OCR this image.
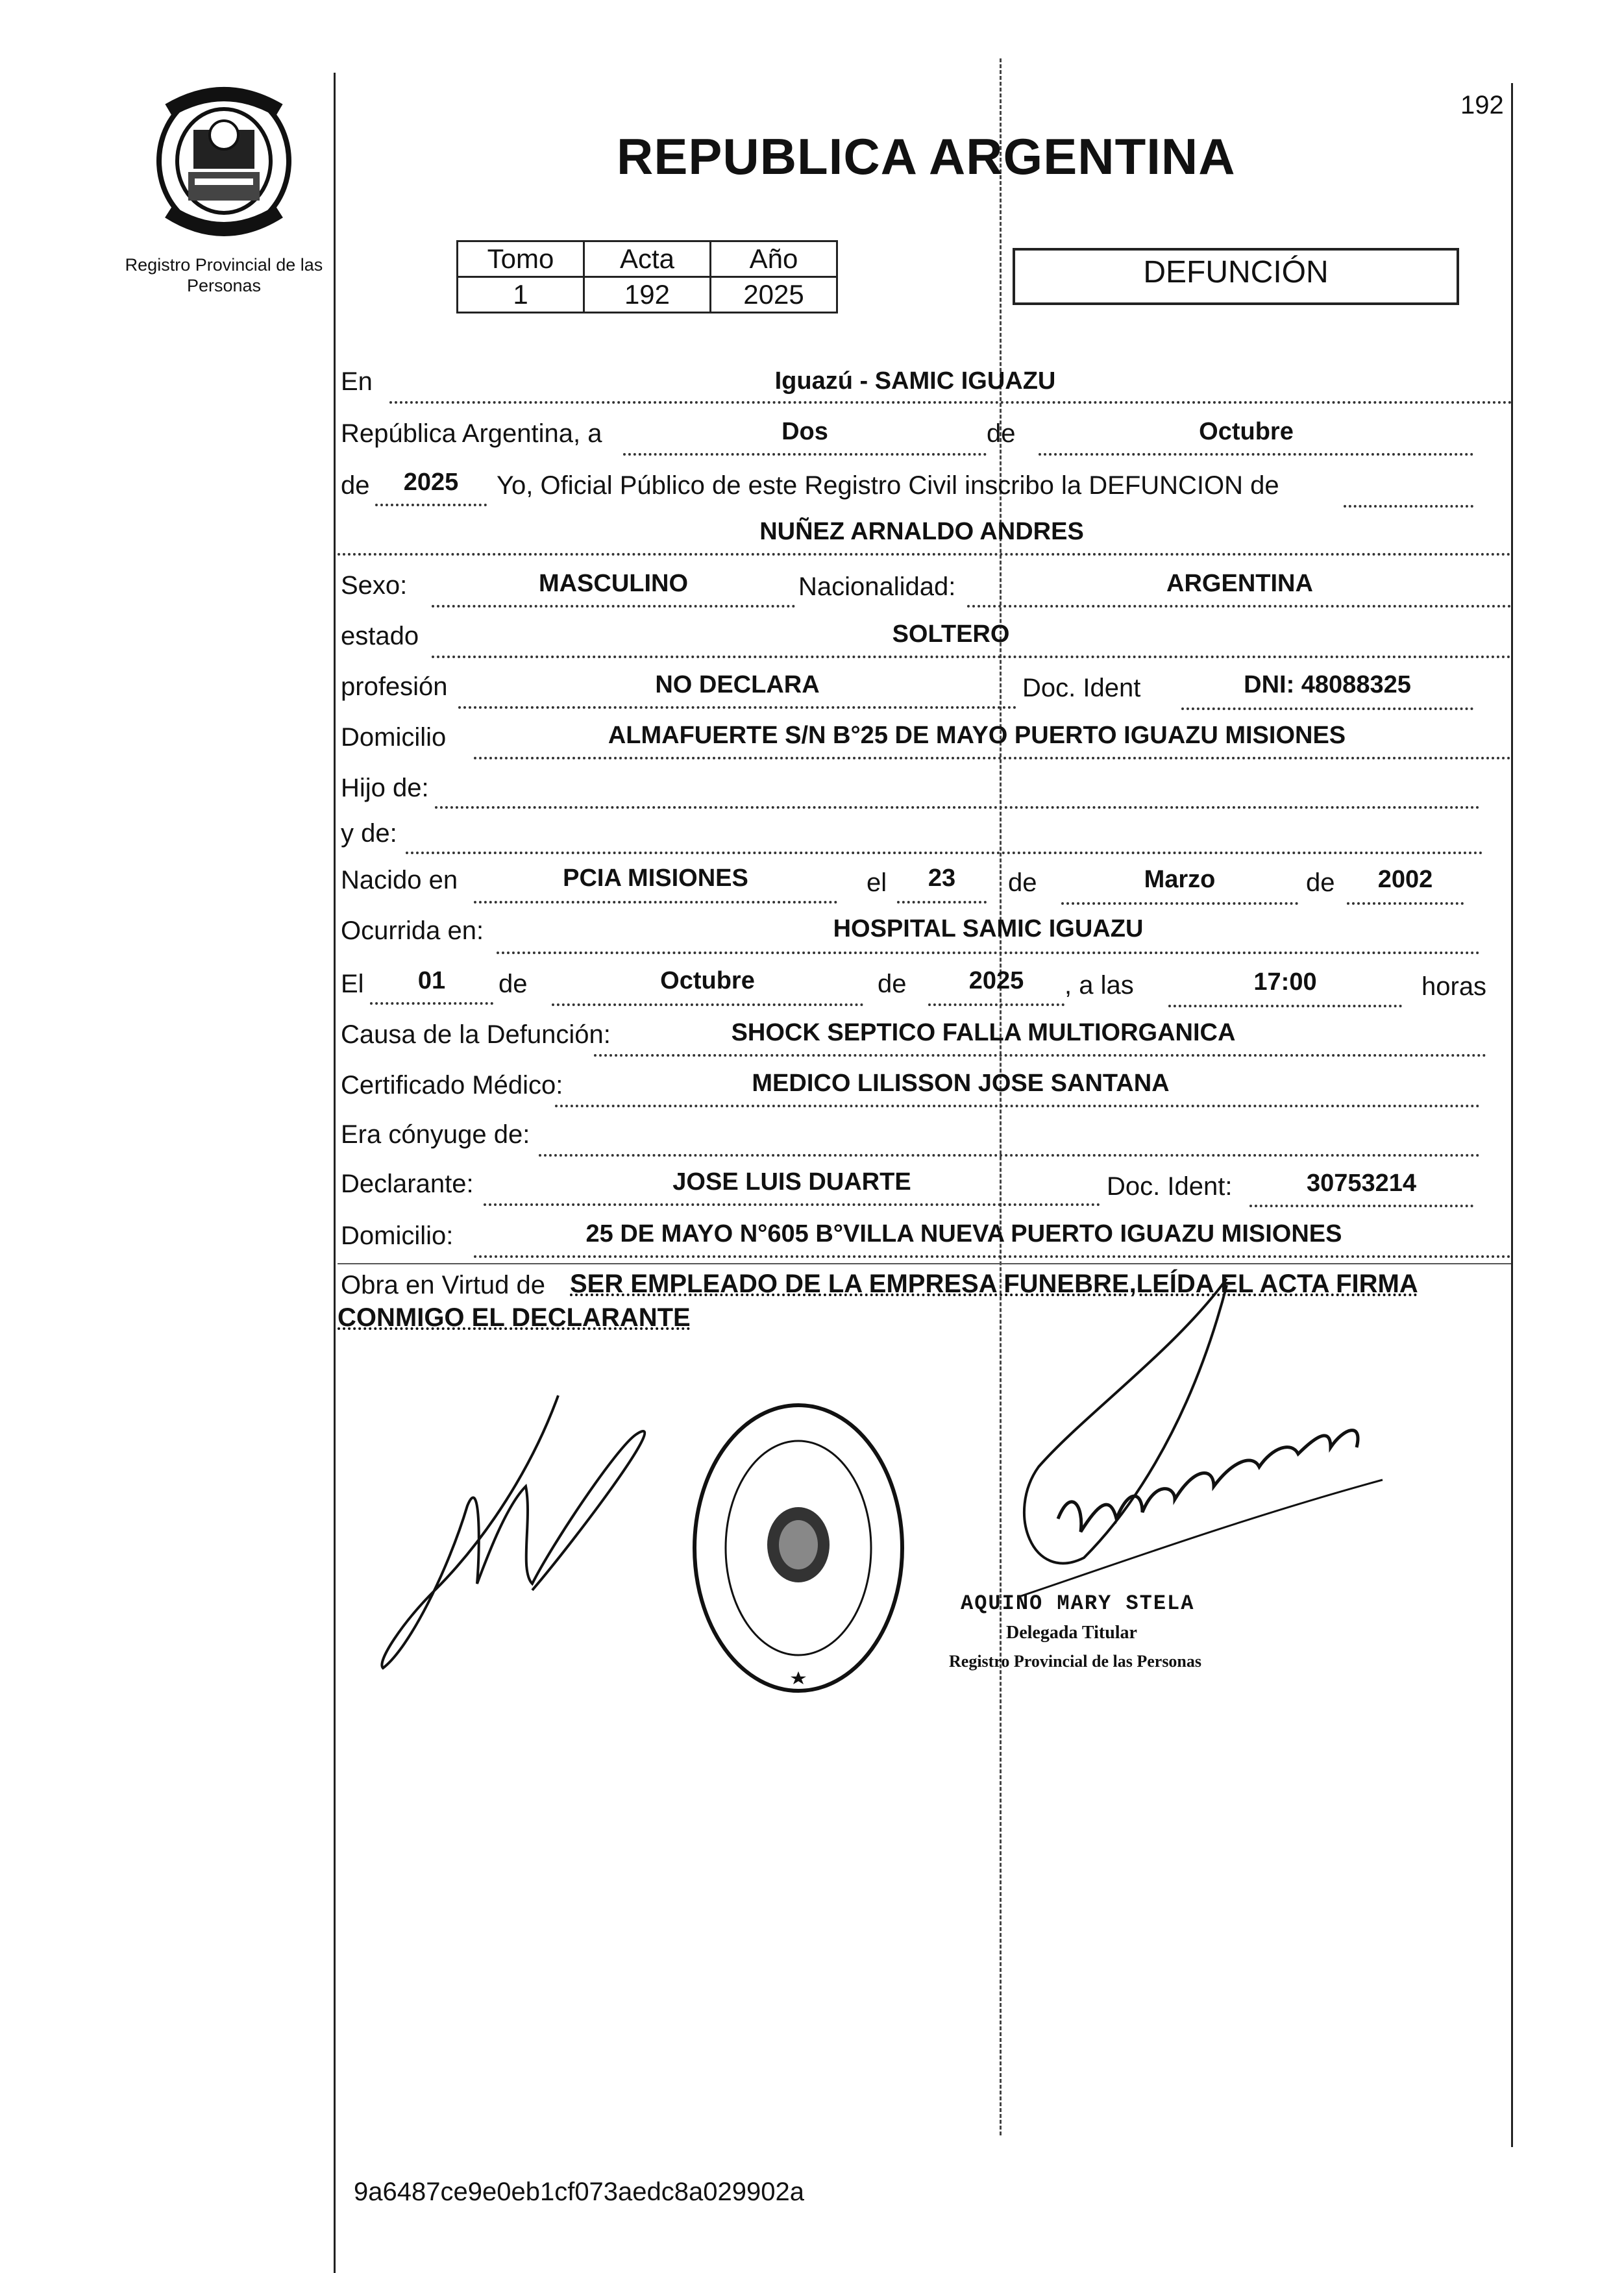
Registro Provincial de las Personas
192
REPUBLICA ARGENTINA
Tomo	Acta	Año
1	192	2025
DEFUNCIÓN
En	Iguazú - SAMIC IGUAZU
República Argentina, a	Dos	de	Octubre
de	2025	Yo, Oficial Público de este Registro Civil inscribo la DEFUNCION de
NUÑEZ ARNALDO ANDRES
Sexo:	MASCULINO	Nacionalidad:	ARGENTINA
estado	SOLTERO
profesión	NO DECLARA	Doc. Ident	DNI: 48088325
Domicilio	ALMAFUERTE S/N B°25 DE MAYO PUERTO IGUAZU MISIONES
Hijo de:
y de:
Nacido en	PCIA MISIONES	el	23	de	Marzo	de	2002
Ocurrida en:	HOSPITAL SAMIC IGUAZU
El	01	de	Octubre	de	2025	, a las	17:00	horas
Causa de la Defunción:	SHOCK SEPTICO FALLA MULTIORGANICA
Certificado Médico:	MEDICO LILISSON JOSE SANTANA
Era cónyuge de:
Declarante:	JOSE LUIS DUARTE	Doc. Ident:	30753214
Domicilio:	25 DE MAYO N°605 B°VILLA NUEVA PUERTO IGUAZU MISIONES
Obra en Virtud de SER EMPLEADO DE LA EMPRESA FUNEBRE,LEÍDA EL ACTA FIRMA
CONMIGO EL DECLARANTE
AQUINO MARY STELA
Delegada Titular
Registro Provincial de las Personas
9a6487ce9e0eb1cf073aedc8a029902a
